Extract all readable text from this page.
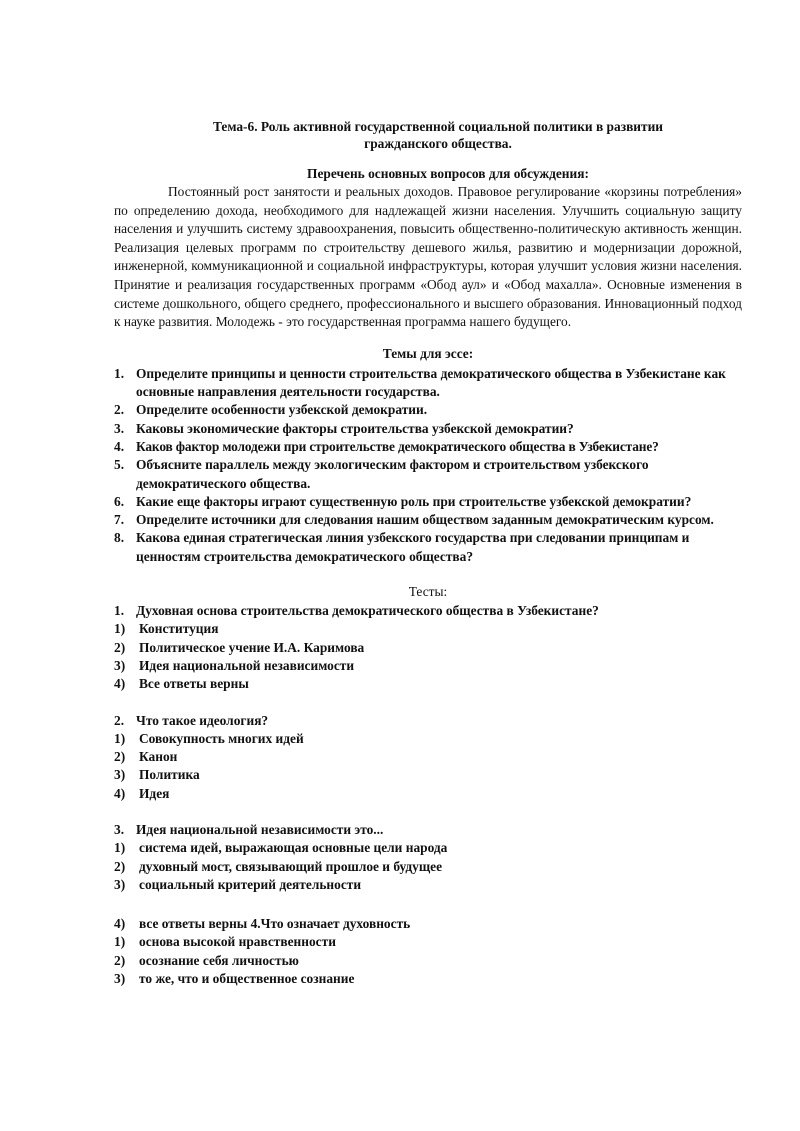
Тема-6. Роль активной государственной социальной политики в развитии
гражданского общества.
Перечень основных вопросов для обсуждения:

Постоянный рост занятости и реальных доходов. Правовое регулирование «корзины потребления» по определению дохода, необходимого для надлежащей жизни населения. Улучшить социальную защиту населения и улучшить систему здравоохранения, повысить общественно-политическую активность женщин. Реализация целевых программ по строительству дешевого жилья, развитию и модернизации дорожной, инженерной, коммуникационной и социальной инфраструктуры, которая улучшит условия жизни населения. Принятие и реализация государственных программ «Обод аул» и «Обод махалла». Основные изменения в системе дошкольного, общего среднего, профессионального и высшего образования. Инновационный подход к науке развития. Молодежь - это государственная программа нашего будущего.

Темы для эссе:
1. Определите принципы и ценности строительства демократического общества в Узбекистане как основные направления деятельности государства.
2. Определите особенности узбекской демократии.
3. Каковы экономические факторы строительства узбекской демократии?
4. Каков фактор молодежи при строительстве демократического общества в Узбекистане?
5. Объясните параллель между экологическим фактором и строительством узбекского демократического общества.
6. Какие еще факторы играют существенную роль при строительстве узбекской демократии?
7. Определите источники для следования нашим обществом заданным демократическим курсом.
8. Какова единая стратегическая линия узбекского государства при следовании принципам и ценностям строительства демократического общества?
Тесты:
1. Духовная основа строительства демократического общества в Узбекистане?
1)	Конституция
2)	Политическое учение И.А. Каримова
3)	Идея национальной независимости
4)	Все ответы верны
2. Что такое идеология?
1)	Совокупность многих идей
2)	Канон
3)	Политика
4)	Идея
3. Идея национальной независимости это...
1)	система идей, выражающая основные цели народа
2)	духовный мост, связывающий прошлое и будущее
3)	социальный критерий деятельности
4)	все ответы верны 4.Что означает духовность
1)	основа высокой нравственности
2)	осознание себя личностью
3)	то же, что и общественное сознание
